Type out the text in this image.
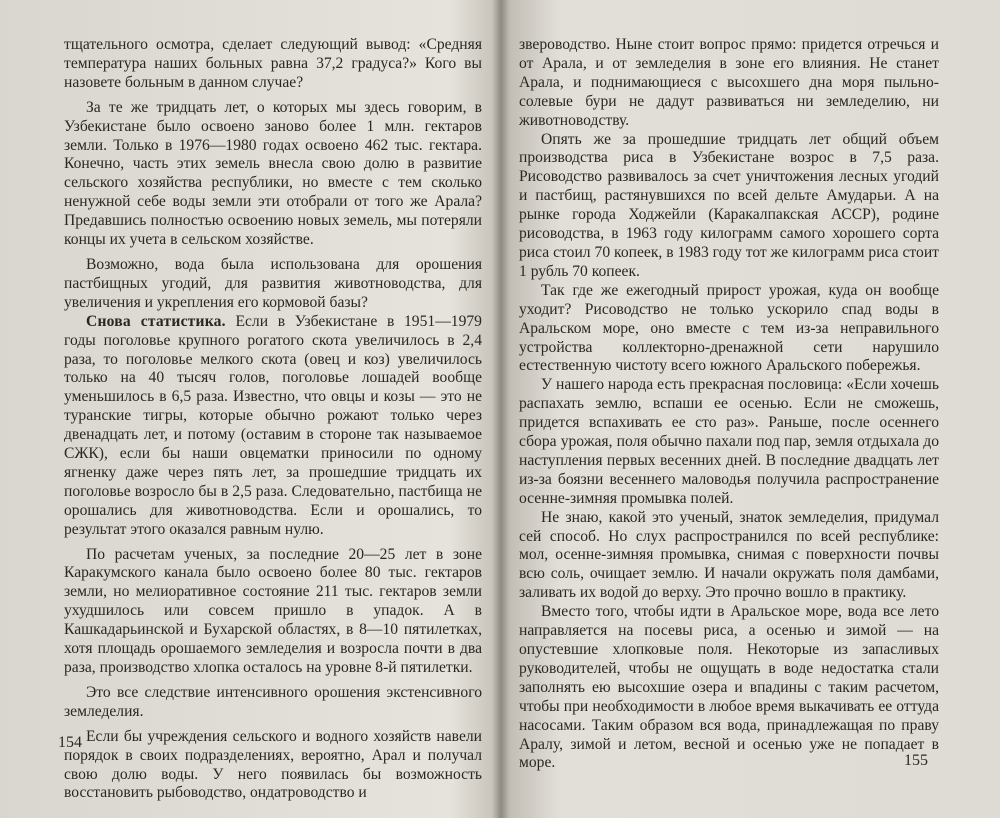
тщательного осмотра, сделает следующий вывод: «Средняя температура наших больных равна 37,2 градуса?» Кого вы назовете больным в данном случае?

За те же тридцать лет, о которых мы здесь говорим, в Узбекистане было освоено заново более 1 млн. гектаров земли. Только в 1976—1980 годах освоено 462 тыс. гектара. Конечно, часть этих земель внесла свою долю в развитие сельского хозяйства республики, но вместе с тем сколько ненужной себе воды земли эти отобрали от того же Арала? Предавшись полностью освоению новых земель, мы потеряли концы их учета в сельском хозяйстве.

Возможно, вода была использована для орошения пастбищных угодий, для развития животноводства, для увеличения и укрепления его кормовой базы?

Снова статистика. Если в Узбекистане в 1951—1979 годы поголовье крупного рогатого скота увеличилось в 2,4 раза, то поголовье мелкого скота (овец и коз) увеличилось только на 40 тысяч голов, поголовье лошадей вообще уменьшилось в 6,5 раза. Известно, что овцы и козы — это не туранские тигры, которые обычно рожают только через двенадцать лет, и потому (оставим в стороне так называемое СЖК), если бы наши овцематки приносили по одному ягненку даже через пять лет, за прошедшие тридцать их поголовье возросло бы в 2,5 раза. Следовательно, пастбища не орошались для животноводства. Если и орошались, то результат этого оказался равным нулю.

По расчетам ученых, за последние 20—25 лет в зоне Каракумского канала было освоено более 80 тыс. гектаров земли, но мелиоративное состояние 211 тыс. гектаров земли ухудшилось или совсем пришло в упадок. А в Кашкадарьинской и Бухарской областях, в 8—10 пятилетках, хотя площадь орошаемого земледелия и возросла почти в два раза, производство хлопка осталось на уровне 8-й пятилетки.

Это все следствие интенсивного орошения экстенсивного земледелия.

Если бы учреждения сельского и водного хозяйств навели порядок в своих подразделениях, вероятно, Арал и получал свою долю воды. У него появилась бы возможность восстановить рыбоводство, ондатроводство и

154

звероводство. Ныне стоит вопрос прямо: придется отречься и от Арала, и от земледелия в зоне его влияния. Не станет Арала, и поднимающиеся с высохшего дна моря пыльно-солевые бури не дадут развиваться ни земледелию, ни животноводству.

Опять же за прошедшие тридцать лет общий объем производства риса в Узбекистане возрос в 7,5 раза. Рисоводство развивалось за счет уничтожения лесных угодий и пастбищ, растянувшихся по всей дельте Амударьи. А на рынке города Ходжейли (Каракалпакская АССР), родине рисоводства, в 1963 году килограмм самого хорошего сорта риса стоил 70 копеек, в 1983 году тот же килограмм риса стоит 1 рубль 70 копеек.

Так где же ежегодный прирост урожая, куда он вообще уходит? Рисоводство не только ускорило спад воды в Аральском море, оно вместе с тем из-за неправильного устройства коллекторно-дренажной сети нарушило естественную чистоту всего южного Аральского побережья.

У нашего народа есть прекрасная пословица: «Если хочешь распахать землю, вспаши ее осенью. Если не сможешь, придется вспахивать ее сто раз». Раньше, после осеннего сбора урожая, поля обычно пахали под пар, земля отдыхала до наступления первых весенних дней. В последние двадцать лет из-за боязни весеннего маловодья получила распространение осенне-зимняя промывка полей.

Не знаю, какой это ученый, знаток земледелия, придумал сей способ. Но слух распространился по всей республике: мол, осенне-зимняя промывка, снимая с поверхности почвы всю соль, очищает землю. И начали окружать поля дамбами, заливать их водой до верху. Это прочно вошло в практику.

Вместо того, чтобы идти в Аральское море, вода все лето направляется на посевы риса, а осенью и зимой — на опустевшие хлопковые поля. Некоторые из запасливых руководителей, чтобы не ощущать в воде недостатка стали заполнять ею высохшие озера и впадины с таким расчетом, чтобы при необходимости в любое время выкачивать ее оттуда насосами. Таким образом вся вода, принадлежащая по праву Аралу, зимой и летом, весной и осенью уже не попадает в море.	155
